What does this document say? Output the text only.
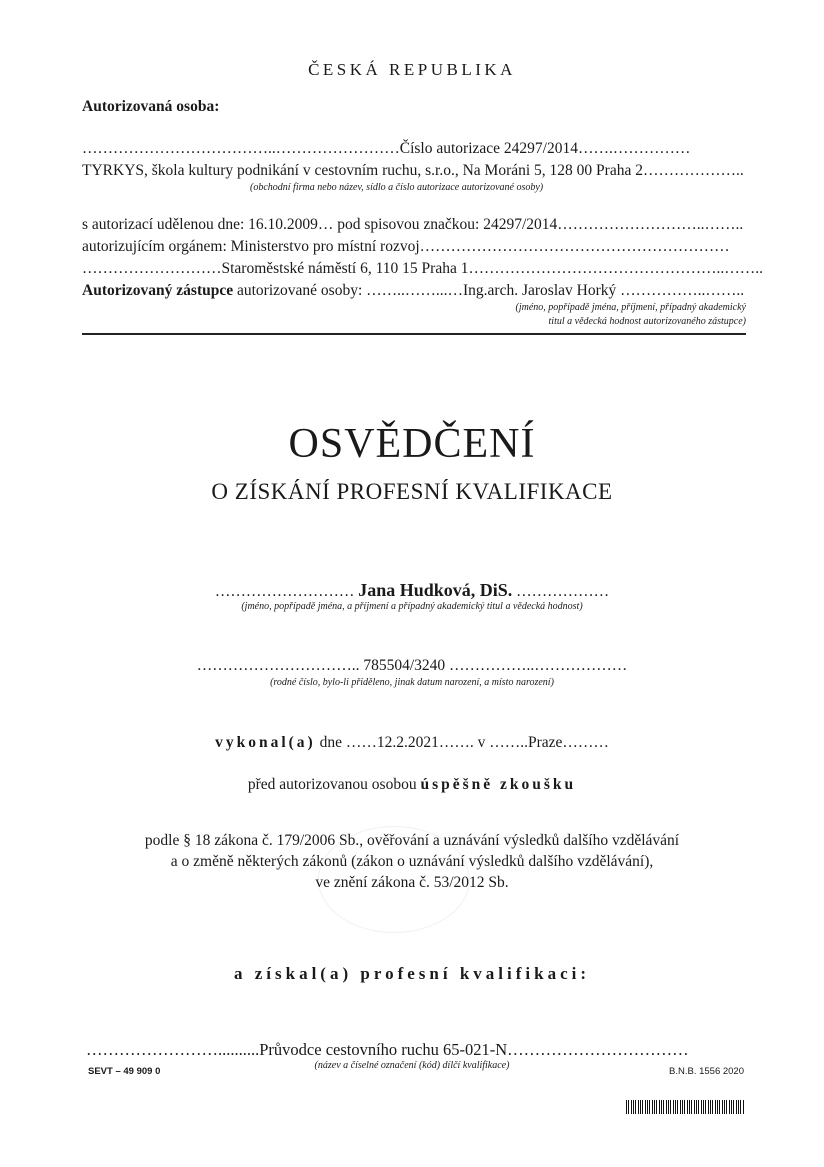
ČESKÁ REPUBLIKA
Autorizovaná osoba:
………………………………..……………………Číslo autorizace 24297/2014…….……………
TYRKYS, škola kultury podnikání v cestovním ruchu, s.r.o., Na Moráni 5, 128 00 Praha 2………………..
(obchodní firma nebo název, sídlo a číslo autorizace autorizované osoby)
s autorizací udělenou dne: 16.10.2009… pod spisovou značkou: 24297/2014………………………..……..
autorizujícím orgánem: Ministerstvo pro místní rozvoj……………………………………………………
………………………Staroměstské náměstí 6, 110 15 Praha 1…………………………………………..……..
Autorizovaný zástupce autorizované osoby: ……..……...…Ing.arch. Jaroslav Horký ……………..……..
(jméno, popřípadě jména, příjmení, případný akademický
titul a vědecká hodnost autorizovaného zástupce)
OSVĚDČENÍ
O ZÍSKÁNÍ PROFESNÍ KVALIFIKACE
……………………… Jana Hudková, DiS. ………………
(jméno, popřípadě jména, a příjmení a případný akademický titul a vědecká hodnost)
………………………….. 785504/3240 ……………..………………
(rodné číslo, bylo-li přiděleno, jinak datum narození, a místo narození)
vykonal(a) dne ……12.2.2021……. v ……..Praze………
před autorizovanou osobou úspěšně zkoušku
podle § 18 zákona č. 179/2006 Sb., ověřování a uznávání výsledků dalšího vzdělávání
a o změně některých zákonů (zákon o uznávání výsledků dalšího vzdělávání),
ve znění zákona č. 53/2012 Sb.
a získal(a) profesní kvalifikaci:
……………………..........Průvodce cestovního ruchu 65-021-N……………………………
(název a číselné označení (kód) dílčí kvalifikace)
SEVT – 49 909 0	B.N.B. 1556 2020
